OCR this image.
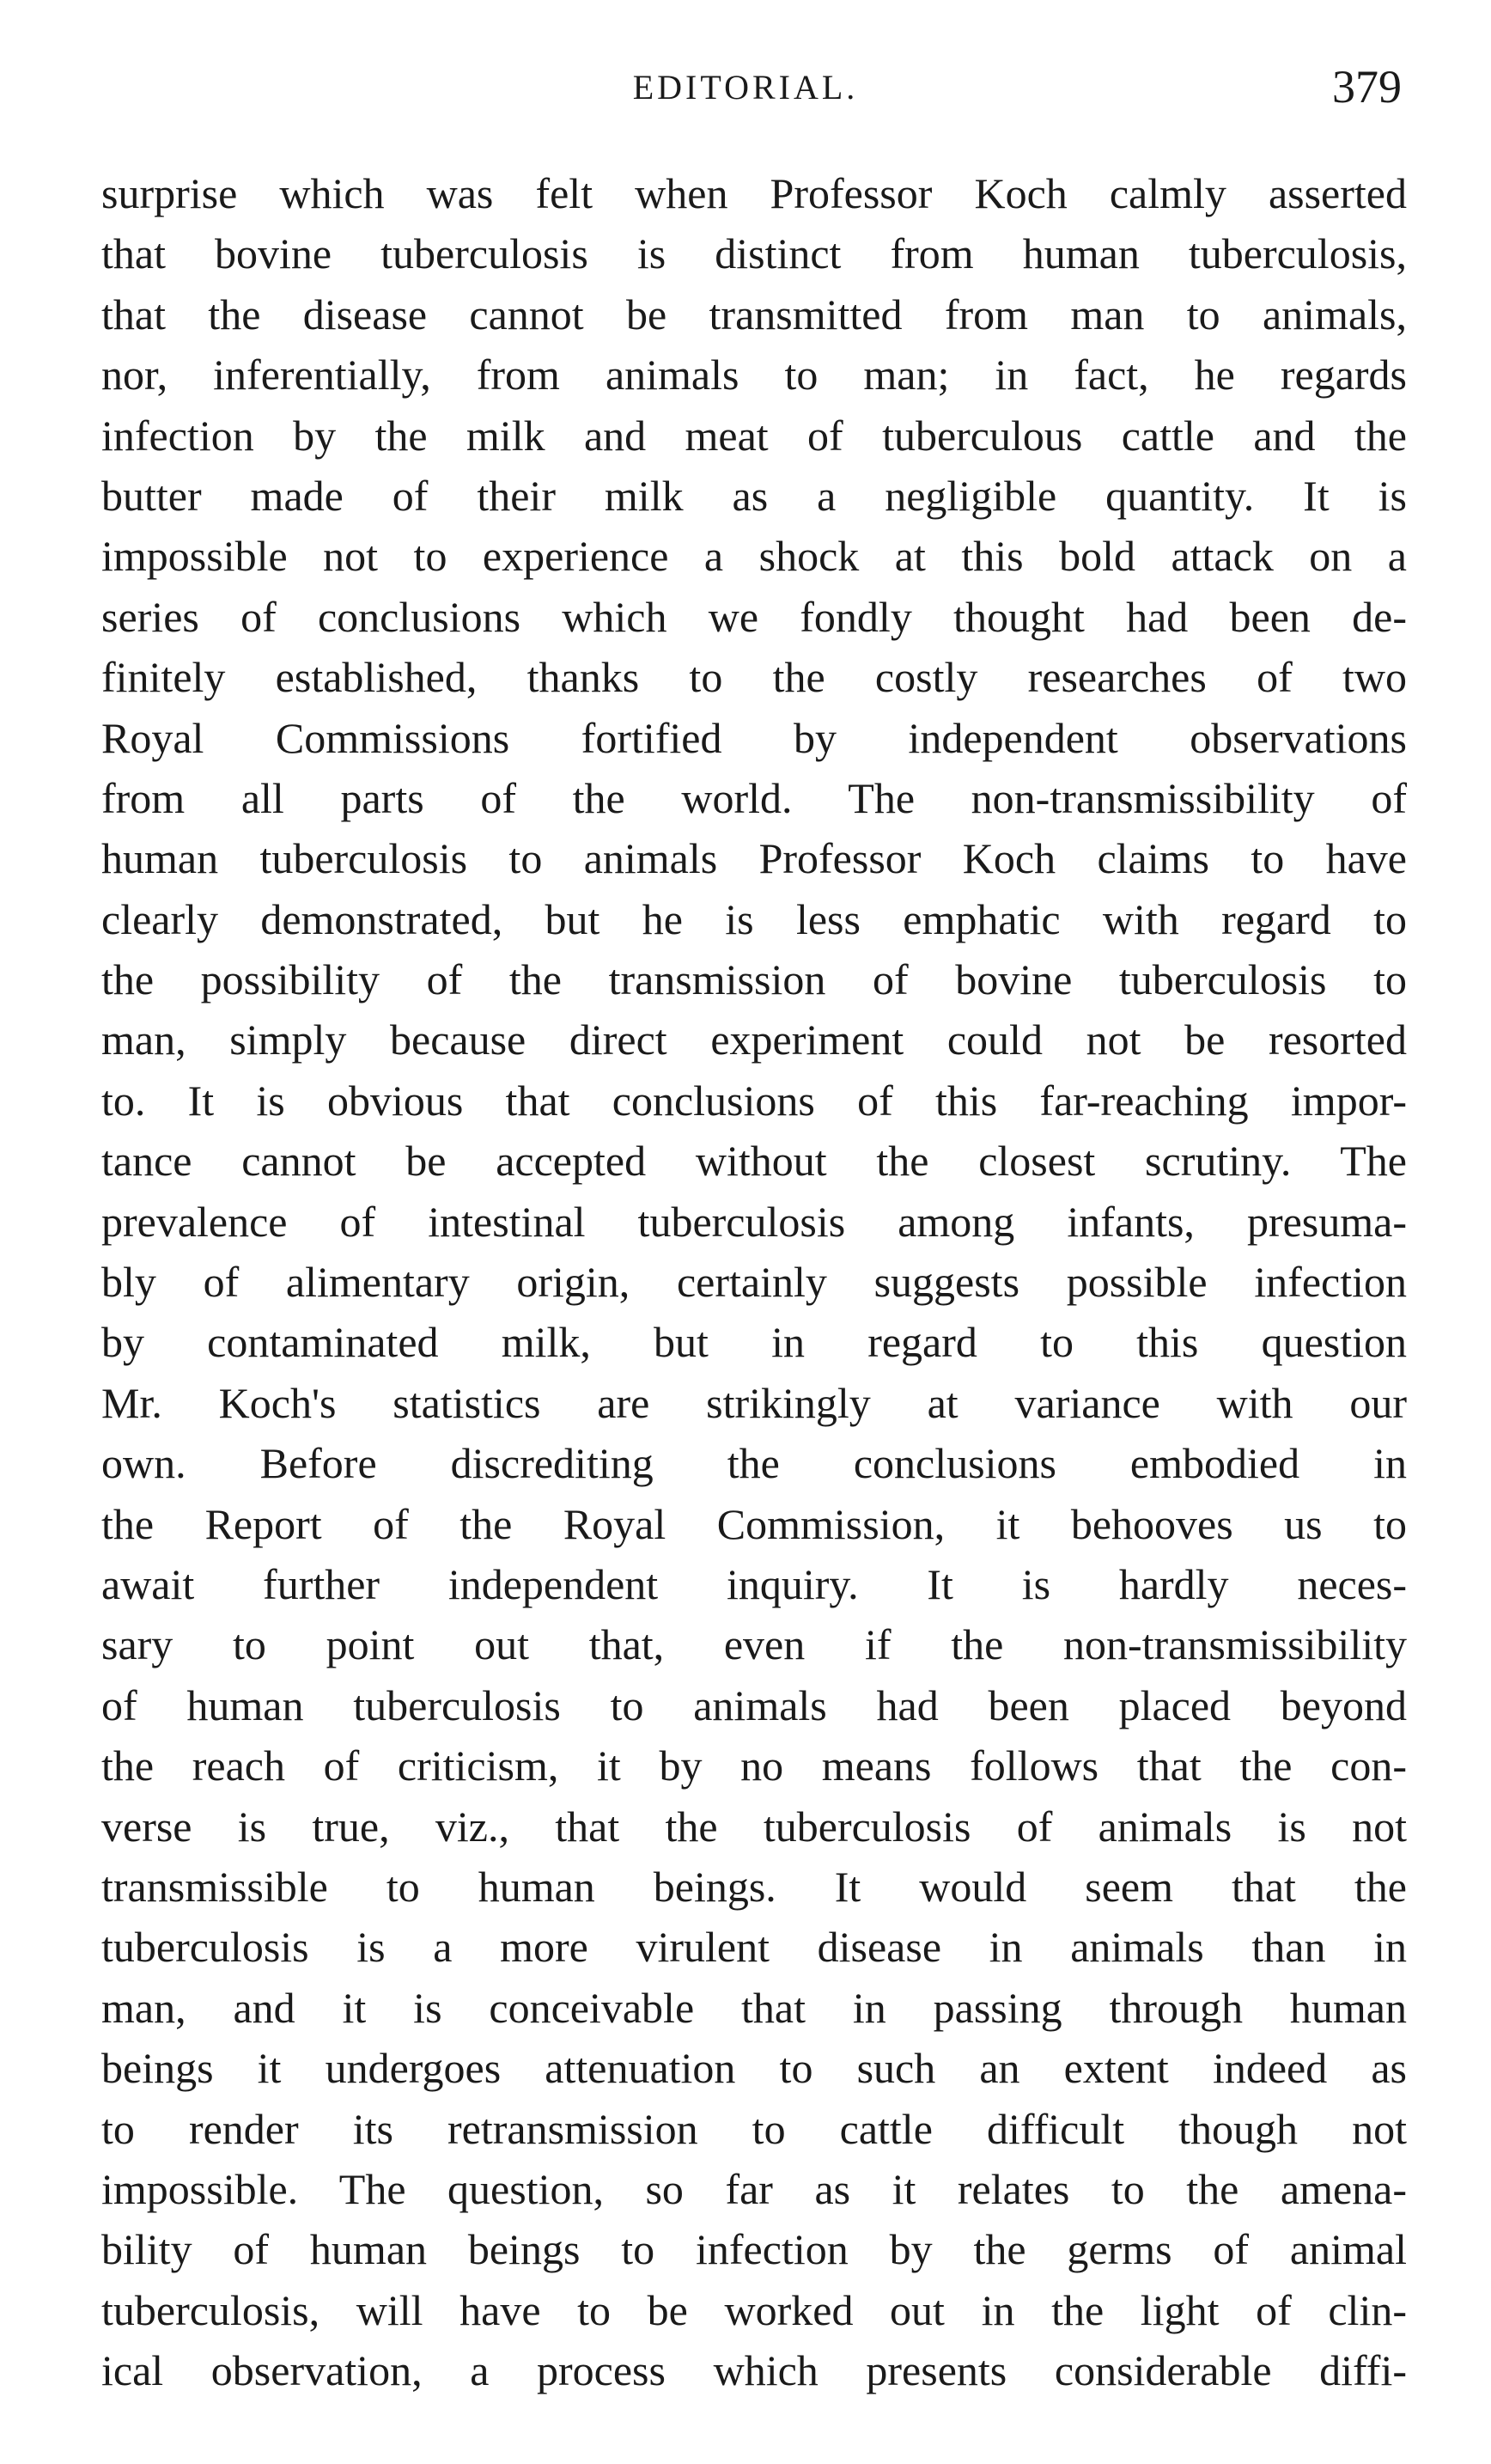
EDITORIAL.	379
surprise which was felt when Professor Koch calmly asserted
that bovine tuberculosis is distinct from human tuberculosis,
that the disease cannot be transmitted from man to animals,
nor, inferentially, from animals to man; in fact, he regards
infection by the milk and meat of tuberculous cattle and the
butter made of their milk as a negligible quantity. It is
impossible not to experience a shock at this bold attack on a
series of conclusions which we fondly thought had been de-
finitely established, thanks to the costly researches of two
Royal Commissions fortified by independent observations
from all parts of the world. The non-transmissibility of
human tuberculosis to animals Professor Koch claims to have
clearly demonstrated, but he is less emphatic with regard to
the possibility of the transmission of bovine tuberculosis to
man, simply because direct experiment could not be resorted
to. It is obvious that conclusions of this far-reaching impor-
tance cannot be accepted without the closest scrutiny. The
prevalence of intestinal tuberculosis among infants, presuma-
bly of alimentary origin, certainly suggests possible infection
by contaminated milk, but in regard to this question
Mr. Koch's statistics are strikingly at variance with our
own. Before discrediting the conclusions embodied in
the Report of the Royal Commission, it behooves us to
await further independent inquiry. It is hardly neces-
sary to point out that, even if the non-transmissibility
of human tuberculosis to animals had been placed beyond
the reach of criticism, it by no means follows that the con-
verse is true, viz., that the tuberculosis of animals is not
transmissible to human beings. It would seem that the
tuberculosis is a more virulent disease in animals than in
man, and it is conceivable that in passing through human
beings it undergoes attenuation to such an extent indeed as
to render its retransmission to cattle difficult though not
impossible. The question, so far as it relates to the amena-
bility of human beings to infection by the germs of animal
tuberculosis, will have to be worked out in the light of clin-
ical observation, a process which presents considerable diffi-
